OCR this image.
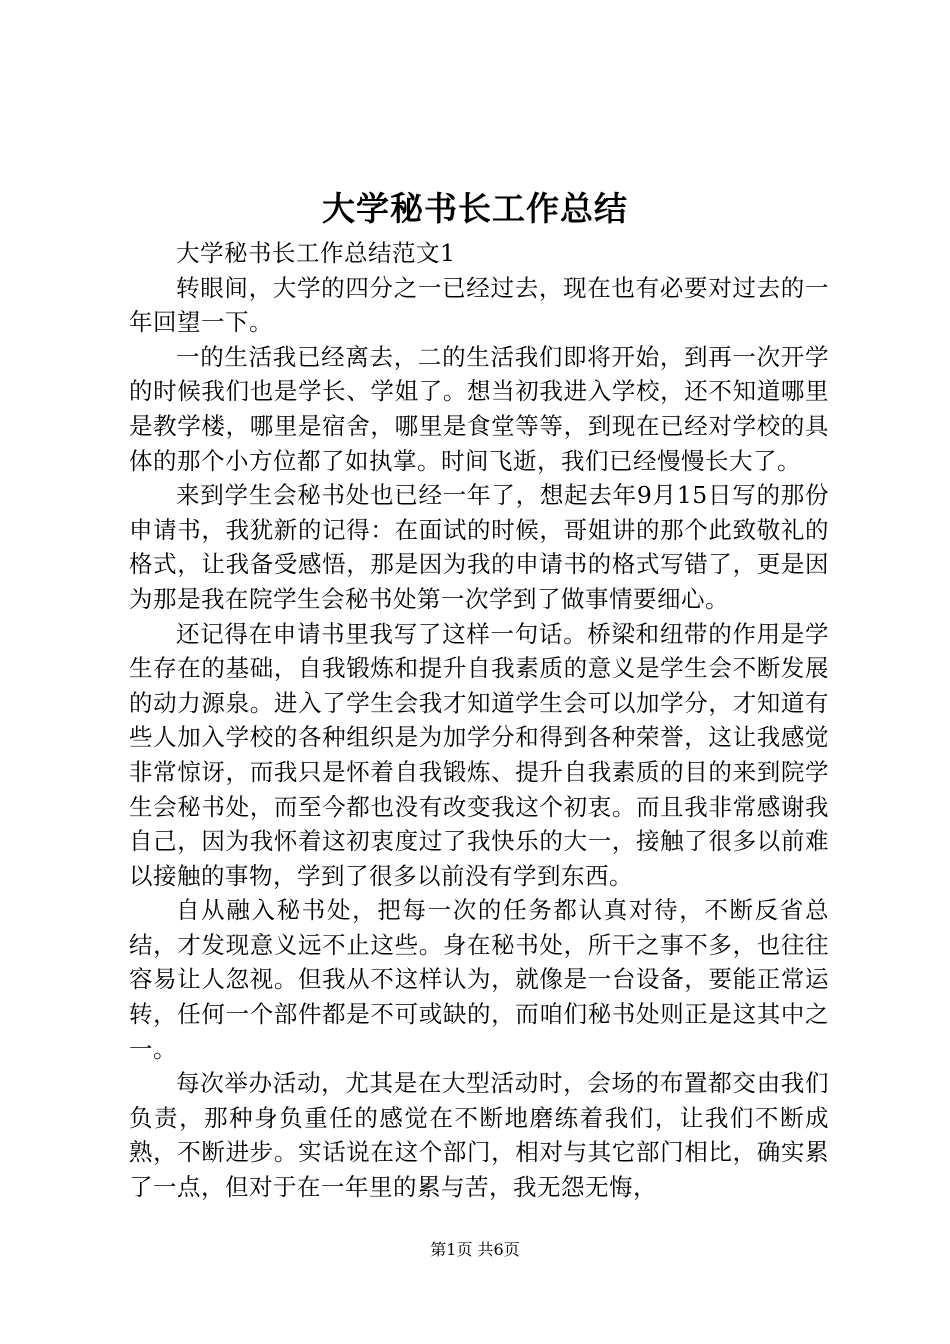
大学秘书长工作总结

大学秘书长工作总结范文1

转眼间，大学的四分之一已经过去，现在也有必要对过去的一年回望一下。

一的生活我已经离去，二的生活我们即将开始，到再一次开学的时候我们也是学长、学姐了。想当初我进入学校，还不知道哪里是教学楼，哪里是宿舍，哪里是食堂等等，到现在已经对学校的具体的那个小方位都了如执掌。时间飞逝，我们已经慢慢长大了。

来到学生会秘书处也已经一年了，想起去年9月15日写的那份申请书，我犹新的记得：在面试的时候，哥姐讲的那个此致敬礼的格式，让我备受感悟，那是因为我的申请书的格式写错了，更是因为那是我在院学生会秘书处第一次学到了做事情要细心。

还记得在申请书里我写了这样一句话。桥梁和纽带的作用是学生存在的基础，自我锻炼和提升自我素质的意义是学生会不断发展的动力源泉。进入了学生会我才知道学生会可以加学分，才知道有些人加入学校的各种组织是为加学分和得到各种荣誉，这让我感觉非常惊讶，而我只是怀着自我锻炼、提升自我素质的目的来到院学生会秘书处，而至今都也没有改变我这个初衷。而且我非常感谢我自己，因为我怀着这初衷度过了我快乐的大一，接触了很多以前难以接触的事物，学到了很多以前没有学到东西。

自从融入秘书处，把每一次的任务都认真对待，不断反省总结，才发现意义远不止这些。身在秘书处，所干之事不多，也往往容易让人忽视。但我从不这样认为，就像是一台设备，要能正常运转，任何一个部件都是不可或缺的，而咱们秘书处则正是这其中之一。

每次举办活动，尤其是在大型活动时，会场的布置都交由我们负责，那种身负重任的感觉在不断地磨练着我们，让我们不断成熟，不断进步。实话说在这个部门，相对与其它部门相比，确实累了一点，但对于在一年里的累与苦，我无怨无悔，

第1页 共6页
